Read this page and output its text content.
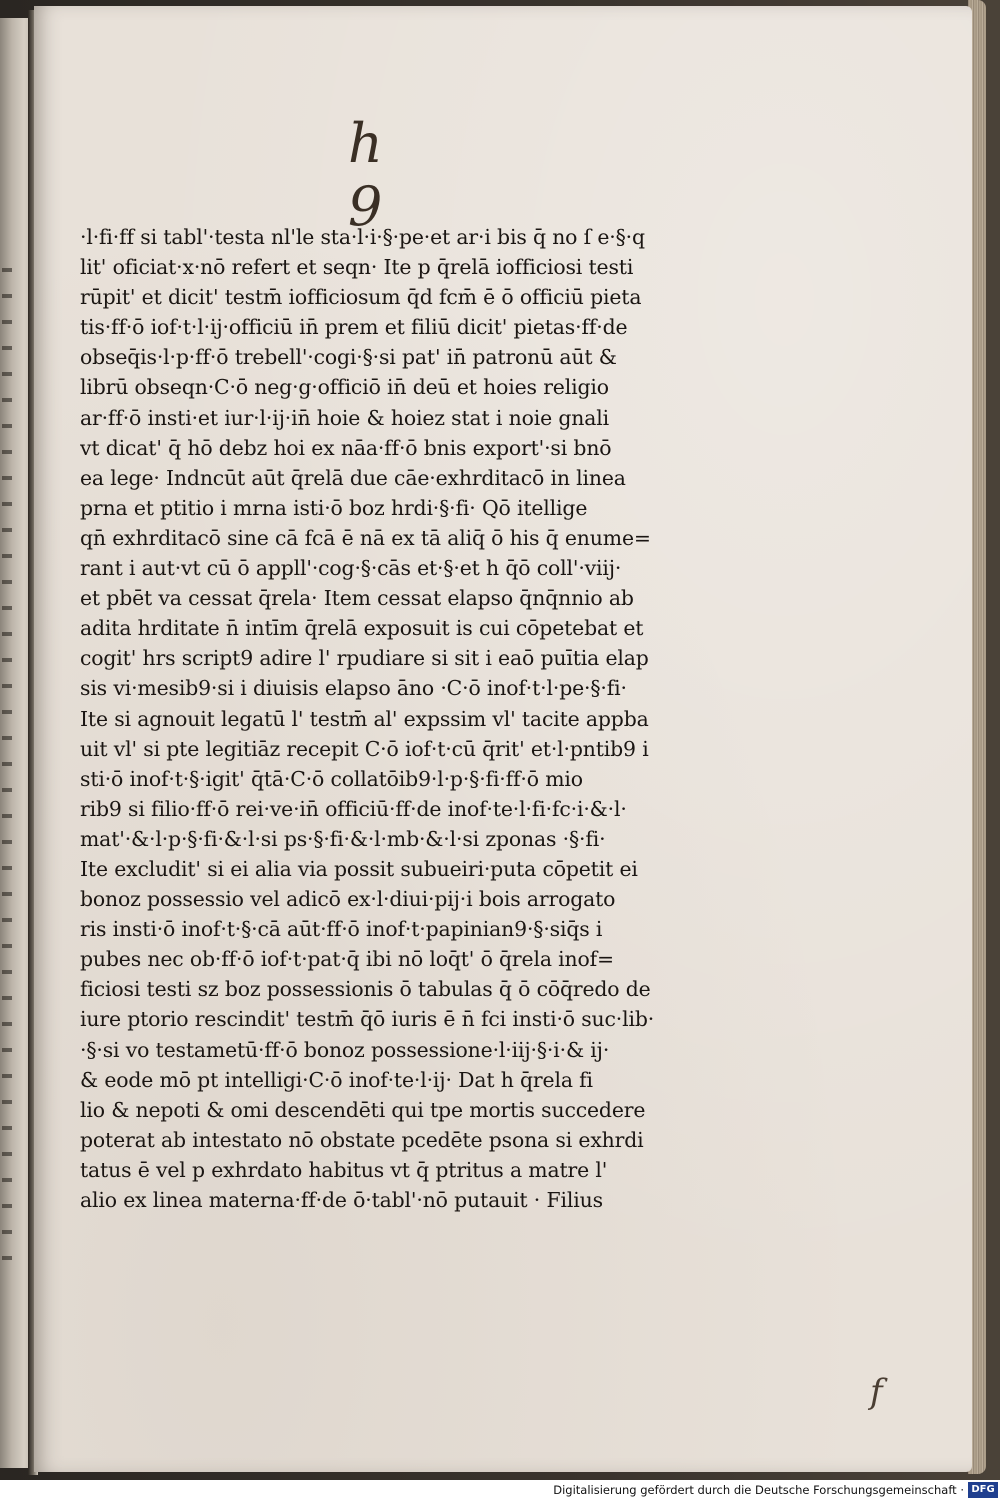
h 9
·l·fi·ff si tabl'·testa nl'le sta·l·i·§·pe·et ar·i bis q̄ no ſ e·§·q
lit' oficiat·x·nō refert et seqn· Ite p q̄relā iofficiosi testi
rūpit' et dicit' testm̄ iofficiosum q̄d fcm̄ ē ō officiū pieta
tis·ff·ō iof·t·l·ij·officiū in̄ prem et filiū dicit' pietas·ff·de
obseq̄is·l·p·ff·ō trebell'·cogi·§·si pat' in̄ patronū aūt &
librū obseqn·C·ō neg·g·officiō in̄ deū et hoies religio
ar·ff·ō insti·et iur·l·ij·in̄ hoie & hoiez stat i noie gnali
vt dicat' q̄ hō debz hoi ex nāa·ff·ō bnis export'·si bnō
ea lege· Indncūt aūt q̄relā due cāe·exhrditacō in linea
prna et ptitio i mrna isti·ō boz hrdi·§·fi· Qō itellige
qn̄ exhrditacō sine cā fcā ē nā ex tā aliq̄ ō his q̄ enume=
rant i aut·vt cū ō appll'·cog·§·cās et·§·et h q̄ō coll'·viij·
et pbēt va cessat q̄rela· Item cessat elapso q̄nq̄nnio ab
adita hrditate n̄ intīm q̄relā exposuit is cui cōpetebat et
cogit' hrs script9 adire l' rpudiare si sit i eaō puītia elap
sis vi·mesib9·si i diuisis elapso āno ·C·ō inof·t·l·pe·§·fi·
Ite si agnouit legatū l' testm̄ al' expssim vl' tacite appba
uit vl' si pte legitiāz recepit C·ō iof·t·cū q̄rit' et·l·pntib9 i
sti·ō inof·t·§·igit' q̄tā·C·ō collatōib9·l·p·§·fi·ff·ō mio
rib9 si filio·ff·ō rei·ve·in̄ officiū·ff·de inof·te·l·fi·fc·i·&·l·
mat'·&·l·p·§·fi·&·l·si ps·§·fi·&·l·mb·&·l·si zponas ·§·fi·
Ite excludit' si ei alia via possit subueiri·puta cōpetit ei
bonoz possessio vel adicō ex·l·diui·pij·i bois arrogato
ris insti·ō inof·t·§·cā aūt·ff·ō inof·t·papinian9·§·siq̄s i
pubes nec ob·ff·ō iof·t·pat·q̄ ibi nō loq̄t' ō q̄rela inof=
ficiosi testi sz boz possessionis ō tabulas q̄ ō cōq̄redo de
iure ptorio rescindit' testm̄ q̄ō iuris ē n̄ fci insti·ō suc·lib·
·§·si vo testametū·ff·ō bonoz possessione·l·iij·§·i·& ij·
& eode mō pt intelligi·C·ō inof·te·l·ij· Dat h q̄rela fi
lio & nepoti & omi descendēti qui tpe mortis succedere
poterat ab intestato nō obstate pcedēte psona si exhrdi
tatus ē vel p exhrdato habitus vt q̄ ptritus a matre l'
alio ex linea materna·ff·de ō·tabl'·nō putauit · Filius
f
Digitalisierung gefördert durch die Deutsche Forschungsgemeinschaft · DFG
